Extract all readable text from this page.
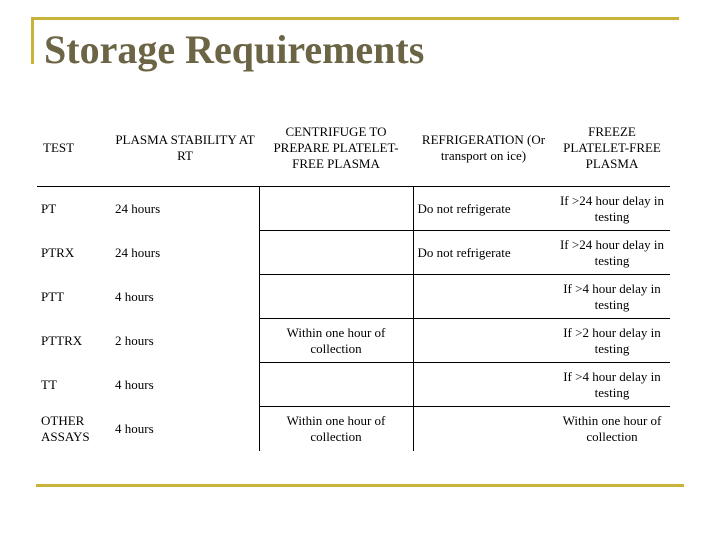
Storage Requirements
TEST	PLASMA STABILITY AT RT	CENTRIFUGE TO PREPARE PLATELET-FREE PLASMA	REFRIGERATION (Or transport on ice)	FREEZE PLATELET-FREE PLASMA
PT	24 hours		Do not refrigerate	If >24 hour delay in testing
PTRX	24 hours		Do not refrigerate	If >24 hour delay in testing
PTT	4 hours			If >4 hour delay in testing
PTTRX	2 hours	Within one hour of collection		If >2 hour delay in testing
TT	4 hours			If >4 hour delay in testing
OTHER ASSAYS	4 hours	Within one hour of collection		Within one hour of collection
